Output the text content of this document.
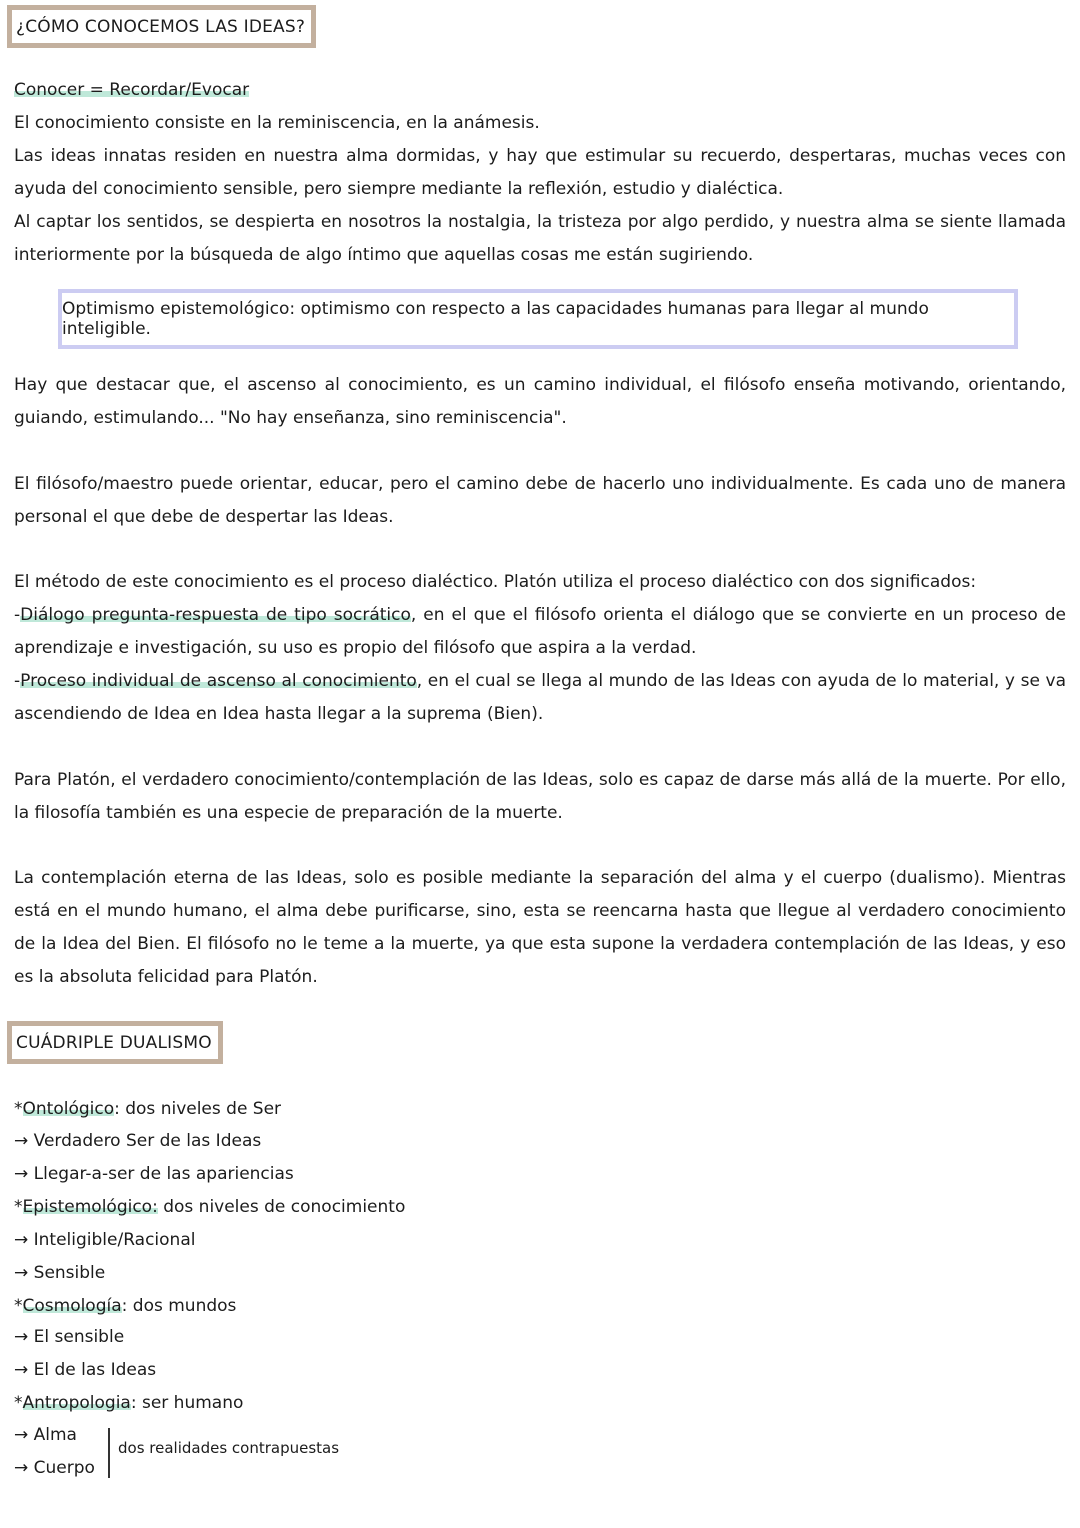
¿CÓMO CONOCEMOS LAS IDEAS?
Conocer = Recordar/Evocar
El conocimiento consiste en la reminiscencia, en la anámesis.
Las ideas innatas residen en nuestra alma dormidas, y hay que estimular su recuerdo, despertaras, muchas veces con ayuda del conocimiento sensible, pero siempre mediante la reflexión, estudio y dialéctica.
Al captar los sentidos, se despierta en nosotros la nostalgia, la tristeza por algo perdido, y nuestra alma se siente llamada interiormente por la búsqueda de algo íntimo que aquellas cosas me están sugiriendo.
Optimismo epistemológico: optimismo con respecto a las capacidades humanas para llegar al mundo inteligible.
Hay que destacar que, el ascenso al conocimiento, es un camino individual, el filósofo enseña motivando, orientando, guiando, estimulando... "No hay enseñanza, sino reminiscencia".
El filósofo/maestro puede orientar, educar, pero el camino debe de hacerlo uno individualmente. Es cada uno de manera personal el que debe de despertar las Ideas.
El método de este conocimiento es el proceso dialéctico. Platón utiliza el proceso dialéctico con dos significados:
-Diálogo pregunta-respuesta de tipo socrático, en el que el filósofo orienta el diálogo que se convierte en un proceso de aprendizaje e investigación, su uso es propio del filósofo que aspira a la verdad.
-Proceso individual de ascenso al conocimiento, en el cual se llega al mundo de las Ideas con ayuda de lo material, y se va ascendiendo de Idea en Idea hasta llegar a la suprema (Bien).
Para Platón, el verdadero conocimiento/contemplación de las Ideas, solo es capaz de darse más allá de la muerte. Por ello, la filosofía también es una especie de preparación de la muerte.
La contemplación eterna de las Ideas, solo es posible mediante la separación del alma y el cuerpo (dualismo). Mientras está en el mundo humano, el alma debe purificarse, sino, esta se reencarna hasta que llegue al verdadero conocimiento de la Idea del Bien. El filósofo no le teme a la muerte, ya que esta supone la verdadera contemplación de las Ideas, y eso es la absoluta felicidad para Platón.
CUÁDRIPLE DUALISMO
*Ontológico: dos niveles de Ser
→ Verdadero Ser de las Ideas
→ Llegar-a-ser de las apariencias
*Epistemológico: dos niveles de conocimiento
→ Inteligible/Racional
→ Sensible
*Cosmología: dos mundos
→ El sensible
→ El de las Ideas
*Antropologia: ser humano
→ Alma
→ Cuerpo
dos realidades contrapuestas
